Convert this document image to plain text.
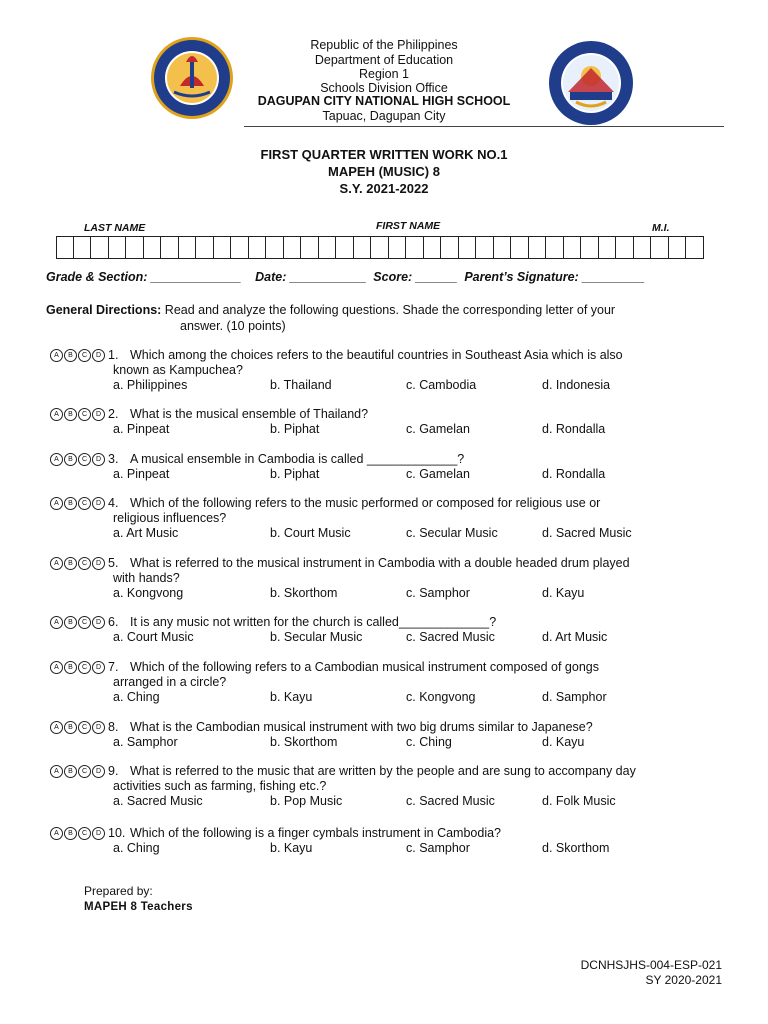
Republic of the Philippines
Department of Education
Region 1
Schools Division Office
DAGUPAN CITY NATIONAL HIGH SCHOOL
Tapuac, Dagupan City
FIRST QUARTER WRITTEN WORK NO.1
MAPEH (MUSIC) 8
S.Y. 2021-2022
LAST NAME	FIRST NAME	M.I.
Grade & Section: _____________    Date: ___________  Score: ______  Parent’s Signature: _________
General Directions: Read and analyze the following questions. Shade the corresponding letter of your
answer. (10 points)
A	B	C	D 1. Which among the choices refers to the beautiful countries in Southeast Asia which is also
known as Kampuchea?
a. Philippines	b. Thailand	c. Cambodia	d. Indonesia
A	B	C	D 2. What is the musical ensemble of Thailand?
a. Pinpeat	b. Piphat	c. Gamelan	d. Rondalla
A	B	C	D 3. A musical ensemble in Cambodia is called _____________?
a. Pinpeat	b. Piphat	c. Gamelan	d. Rondalla
A	B	C	D 4. Which of the following refers to the music performed or composed for religious use or
religious influences?
a. Art Music	b. Court Music	c. Secular Music	d. Sacred Music
A	B	C	D 5. What is referred to the musical instrument in Cambodia with a double headed drum played
with hands?
a. Kongvong	b. Skorthom	c. Samphor	d. Kayu
A	B	C	D 6. It is any music not written for the church is called_____________?
a. Court Music	b. Secular Music	c. Sacred Music	d. Art Music
A	B	C	D 7. Which of the following refers to a Cambodian musical instrument composed of gongs
arranged in a circle?
a. Ching	b. Kayu	c. Kongvong	d. Samphor
A	B	C	D 8. What is the Cambodian musical instrument with two big drums similar to Japanese?
a. Samphor	b. Skorthom	c. Ching	d. Kayu
A	B	C	D 9. What is referred to the music that are written by the people and are sung to accompany day
activities such as farming, fishing etc.?
a. Sacred Music	b. Pop Music	c. Sacred Music	d. Folk Music
A	B	C	D 10. Which of the following is a finger cymbals instrument in Cambodia?
a. Ching	b. Kayu	c. Samphor	d. Skorthom
Prepared by:
MAPEH 8 Teachers
DCNHSJHS-004-ESP-021
SY 2020-2021
